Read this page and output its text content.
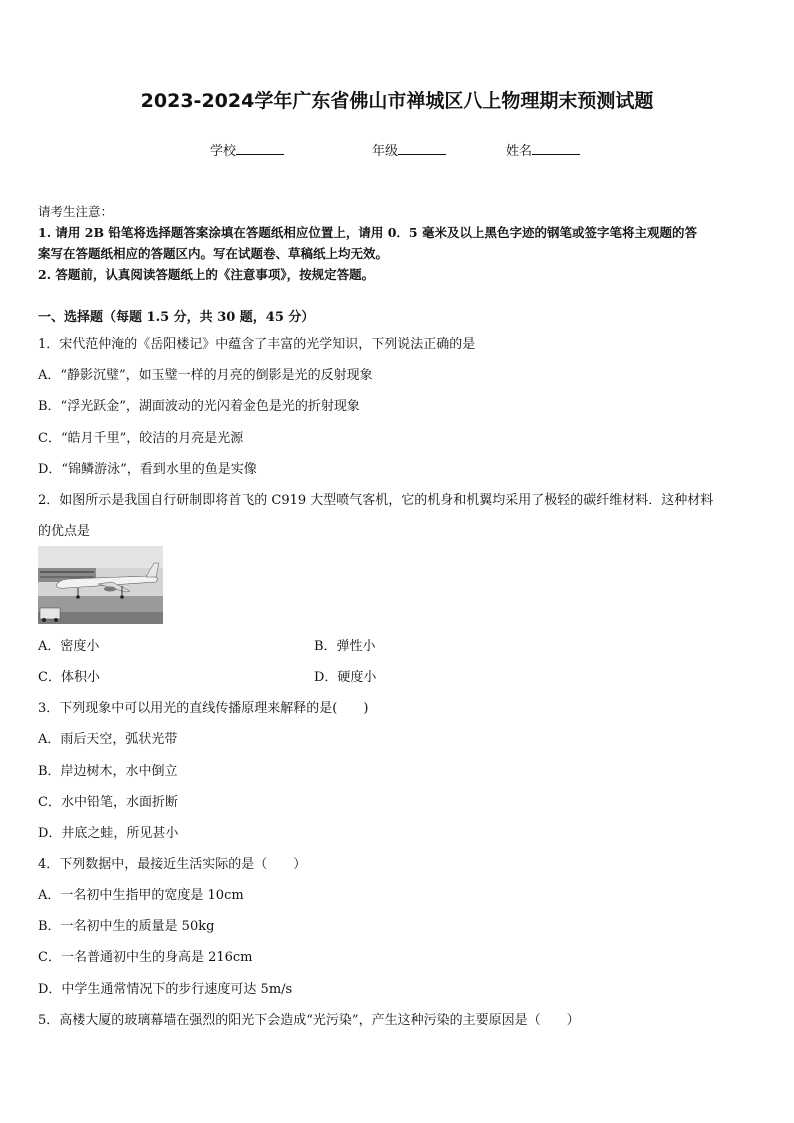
2023-2024学年广东省佛山市禅城区八上物理期末预测试题
学校	年级	姓名
请考生注意：
1. 请用 2B 铅笔将选择题答案涂填在答题纸相应位置上，请用 0．5 毫米及以上黑色字迹的钢笔或签字笔将主观题的答
案写在答题纸相应的答题区内。写在试题卷、草稿纸上均无效。
2. 答题前，认真阅读答题纸上的《注意事项》，按规定答题。
一、选择题（每题 1.5 分，共 30 题，45 分）
1．宋代范仲淹的《岳阳楼记》中蕴含了丰富的光学知识，下列说法正确的是
A．“静影沉璧”，如玉璧一样的月亮的倒影是光的反射现象
B．“浮光跃金”，湖面波动的光闪着金色是光的折射现象
C．“皓月千里”，皎洁的月亮是光源
D．“锦鳞游泳”，看到水里的鱼是实像
2．如图所示是我国自行研制即将首飞的 C919 大型喷气客机，它的机身和机翼均采用了极轻的碳纤维材料．这种材料
的优点是
A．密度小	B．弹性小
C．体积小	D．硬度小
3．下列现象中可以用光的直线传播原理来解释的是(　　)
A．雨后天空，弧状光带
B．岸边树木，水中倒立
C．水中铅笔，水面折断
D．井底之蛙，所见甚小
4．下列数据中，最接近生活实际的是（　　）
A．一名初中生指甲的宽度是 10cm
B．一名初中生的质量是 50kg
C．一名普通初中生的身高是 216cm
D．中学生通常情况下的步行速度可达 5m/s
5．高楼大厦的玻璃幕墙在强烈的阳光下会造成“光污染”，产生这种污染的主要原因是（　　）
